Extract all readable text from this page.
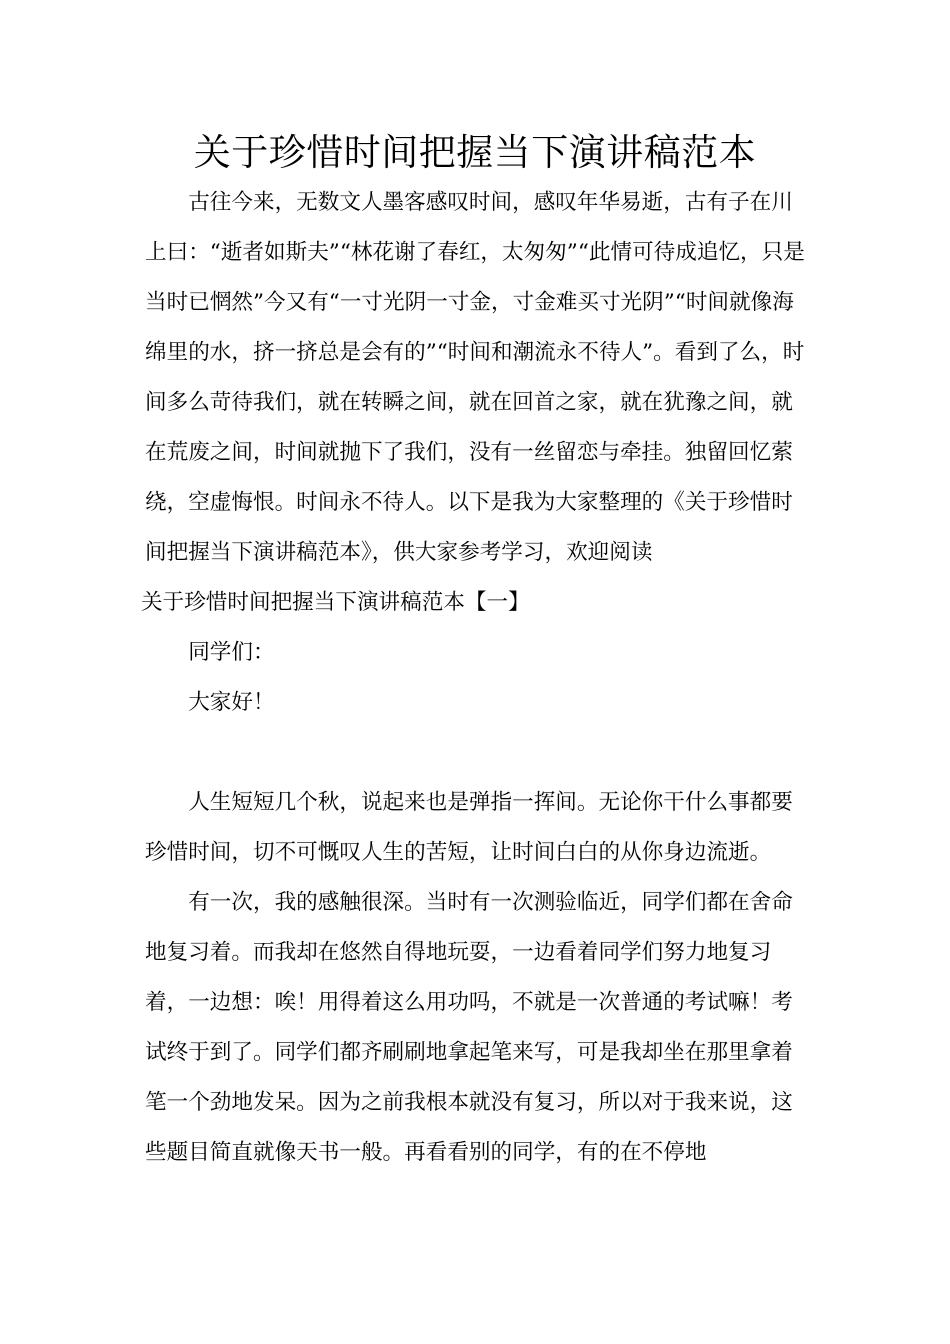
关于珍惜时间把握当下演讲稿范本

古往今来，无数文人墨客感叹时间，感叹年华易逝，古有子在川上曰：“逝者如斯夫”“林花谢了春红，太匆匆”“此情可待成追忆，只是当时已惘然”今又有“一寸光阴一寸金，寸金难买寸光阴”“时间就像海绵里的水，挤一挤总是会有的”“时间和潮流永不待人”。看到了么，时间多么苛待我们，就在转瞬之间，就在回首之家，就在犹豫之间，就在荒废之间，时间就抛下了我们，没有一丝留恋与牵挂。独留回忆萦绕，空虚悔恨。时间永不待人。以下是我为大家整理的《关于珍惜时间把握当下演讲稿范本》，供大家参考学习，欢迎阅读

关于珍惜时间把握当下演讲稿范本【一】

同学们：

大家好！

人生短短几个秋，说起来也是弹指一挥间。无论你干什么事都要珍惜时间，切不可慨叹人生的苦短，让时间白白的从你身边流逝。

有一次，我的感触很深。当时有一次测验临近，同学们都在舍命地复习着。而我却在悠然自得地玩耍，一边看着同学们努力地复习着，一边想：唉！用得着这么用功吗，不就是一次普通的考试嘛！考试终于到了。同学们都齐刷刷地拿起笔来写，可是我却坐在那里拿着笔一个劲地发呆。因为之前我根本就没有复习，所以对于我来说，这些题目简直就像天书一般。再看看别的同学，有的在不停地
